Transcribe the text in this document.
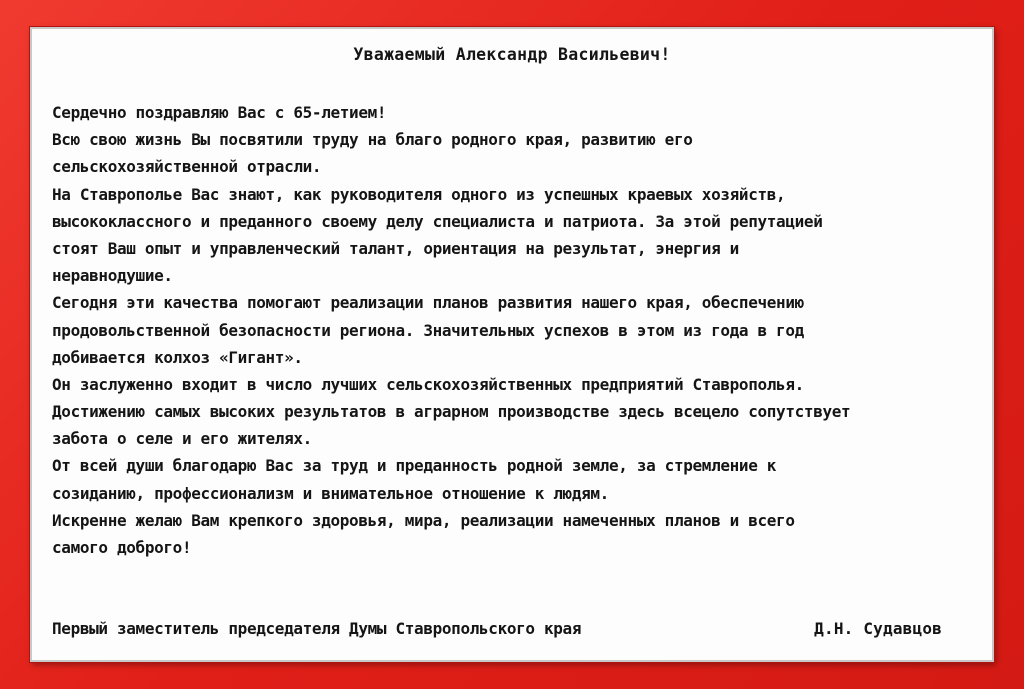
Уважаемый Александр Васильевич!
Сердечно поздравляю Вас с 65-летием!
Всю свою жизнь Вы посвятили труду на благо родного края, развитию его
сельскохозяйственной отрасли.
На Ставрополье Вас знают, как руководителя одного из успешных краевых хозяйств,
высококлассного и преданного своему делу специалиста и патриота. За этой репутацией
стоят Ваш опыт и управленческий талант, ориентация на результат, энергия и
неравнодушие.
Сегодня эти качества помогают реализации планов развития нашего края, обеспечению
продовольственной безопасности региона. Значительных успехов в этом из года в год
добивается колхоз «Гигант».
Он заслуженно входит в число лучших сельскохозяйственных предприятий Ставрополья.
Достижению самых высоких результатов в аграрном производстве здесь всецело сопутствует
забота о селе и его жителях.
От всей души благодарю Вас за труд и преданность родной земле, за стремление к
созиданию, профессионализм и внимательное отношение к людям.
Искренне желаю Вам крепкого здоровья, мира, реализации намеченных планов и всего
самого доброго!
Первый заместитель председателя Думы Ставропольского края	Д.Н. Судавцов
